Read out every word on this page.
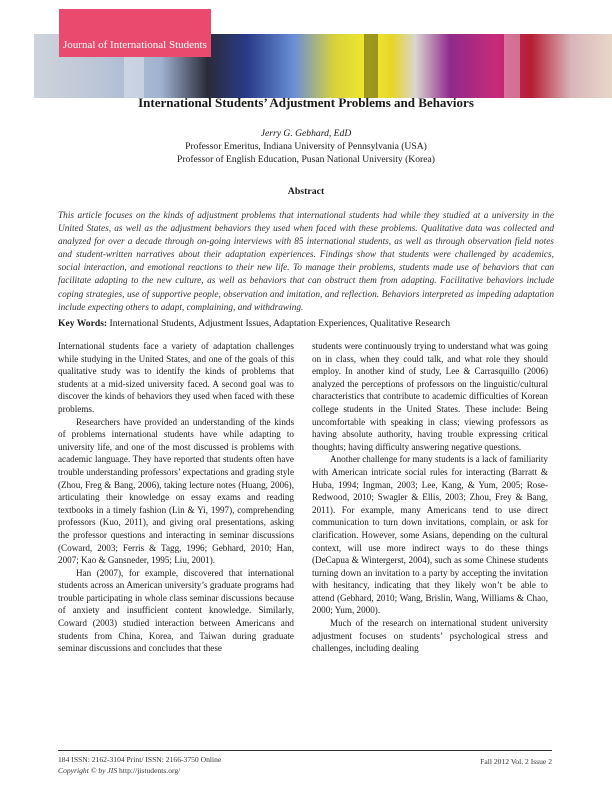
Journal of International Students
International Students’ Adjustment Problems and Behaviors
Jerry G. Gebhard, EdD
Professor Emeritus, Indiana University of Pennsylvania (USA)
Professor of English Education, Pusan National University (Korea)
Abstract
This article focuses on the kinds of adjustment problems that international students had while they studied at a university in the United States, as well as the adjustment behaviors they used when faced with these problems. Qualitative data was collected and analyzed for over a decade through on-going interviews with 85 international students, as well as through observation field notes and student-written narratives about their adaptation experiences. Findings show that students were challenged by academics, social interaction, and emotional reactions to their new life. To manage their problems, students made use of behaviors that can facilitate adapting to the new culture, as well as behaviors that can obstruct them from adapting. Facilitative behaviors include coping strategies, use of supportive people, observation and imitation, and reflection. Behaviors interpreted as impeding adaptation include expecting others to adapt, complaining, and withdrawing.
Key Words: International Students, Adjustment Issues, Adaptation Experiences, Qualitative Research

International students face a variety of adaptation challenges while studying in the United States, and one of the goals of this qualitative study was to identify the kinds of problems that students at a mid-sized university faced. A second goal was to discover the kinds of behaviors they used when faced with these problems.

Researchers have provided an understanding of the kinds of problems international students have while adapting to university life, and one of the most discussed is problems with academic language. They have reported that students often have trouble understanding professors’ expectations and grading style (Zhou, Freg & Bang, 2006), taking lecture notes (Huang, 2006), articulating their knowledge on essay exams and reading textbooks in a timely fashion (Lin & Yi, 1997), comprehending professors (Kuo, 2011), and giving oral presentations, asking the professor questions and interacting in seminar discussions (Coward, 2003; Ferris & Tagg, 1996; Gebhard, 2010; Han, 2007; Kao & Gansneder, 1995; Liu, 2001).

Han (2007), for example, discovered that international students across an American university’s graduate programs had trouble participating in whole class seminar discussions because of anxiety and insufficient content knowledge. Similarly, Coward (2003) studied interaction between Americans and students from China, Korea, and Taiwan during graduate seminar discussions and concludes that these

students were continuously trying to understand what was going on in class, when they could talk, and what role they should employ. In another kind of study, Lee & Carrasquillo (2006) analyzed the perceptions of professors on the linguistic/cultural characteristics that contribute to academic difficulties of Korean college students in the United States. These include: Being uncomfortable with speaking in class; viewing professors as having absolute authority, having trouble expressing critical thoughts; having difficulty answering negative questions.

Another challenge for many students is a lack of familiarity with American intricate social rules for interacting (Barratt & Huba, 1994; Ingman, 2003; Lee, Kang, & Yum, 2005; Rose-Redwood, 2010; Swagler & Ellis, 2003; Zhou, Frey & Bang, 2011). For example, many Americans tend to use direct communication to turn down invitations, complain, or ask for clarification. However, some Asians, depending on the cultural context, will use more indirect ways to do these things (DeCapua & Wintergerst, 2004), such as some Chinese students turning down an invitation to a party by accepting the invitation with hesitancy, indicating that they likely won’t be able to attend (Gebhard, 2010; Wang, Brislin, Wang, Williams & Chao, 2000; Yum, 2000).

Much of the research on international student university adjustment focuses on students’ psychological stress and challenges, including dealing

184 ISSN: 2162-3104 Print/ ISSN: 2166-3750 Online
Copyright © by JIS http://jistudents.org/
Fall 2012 Vol. 2 Issue 2
